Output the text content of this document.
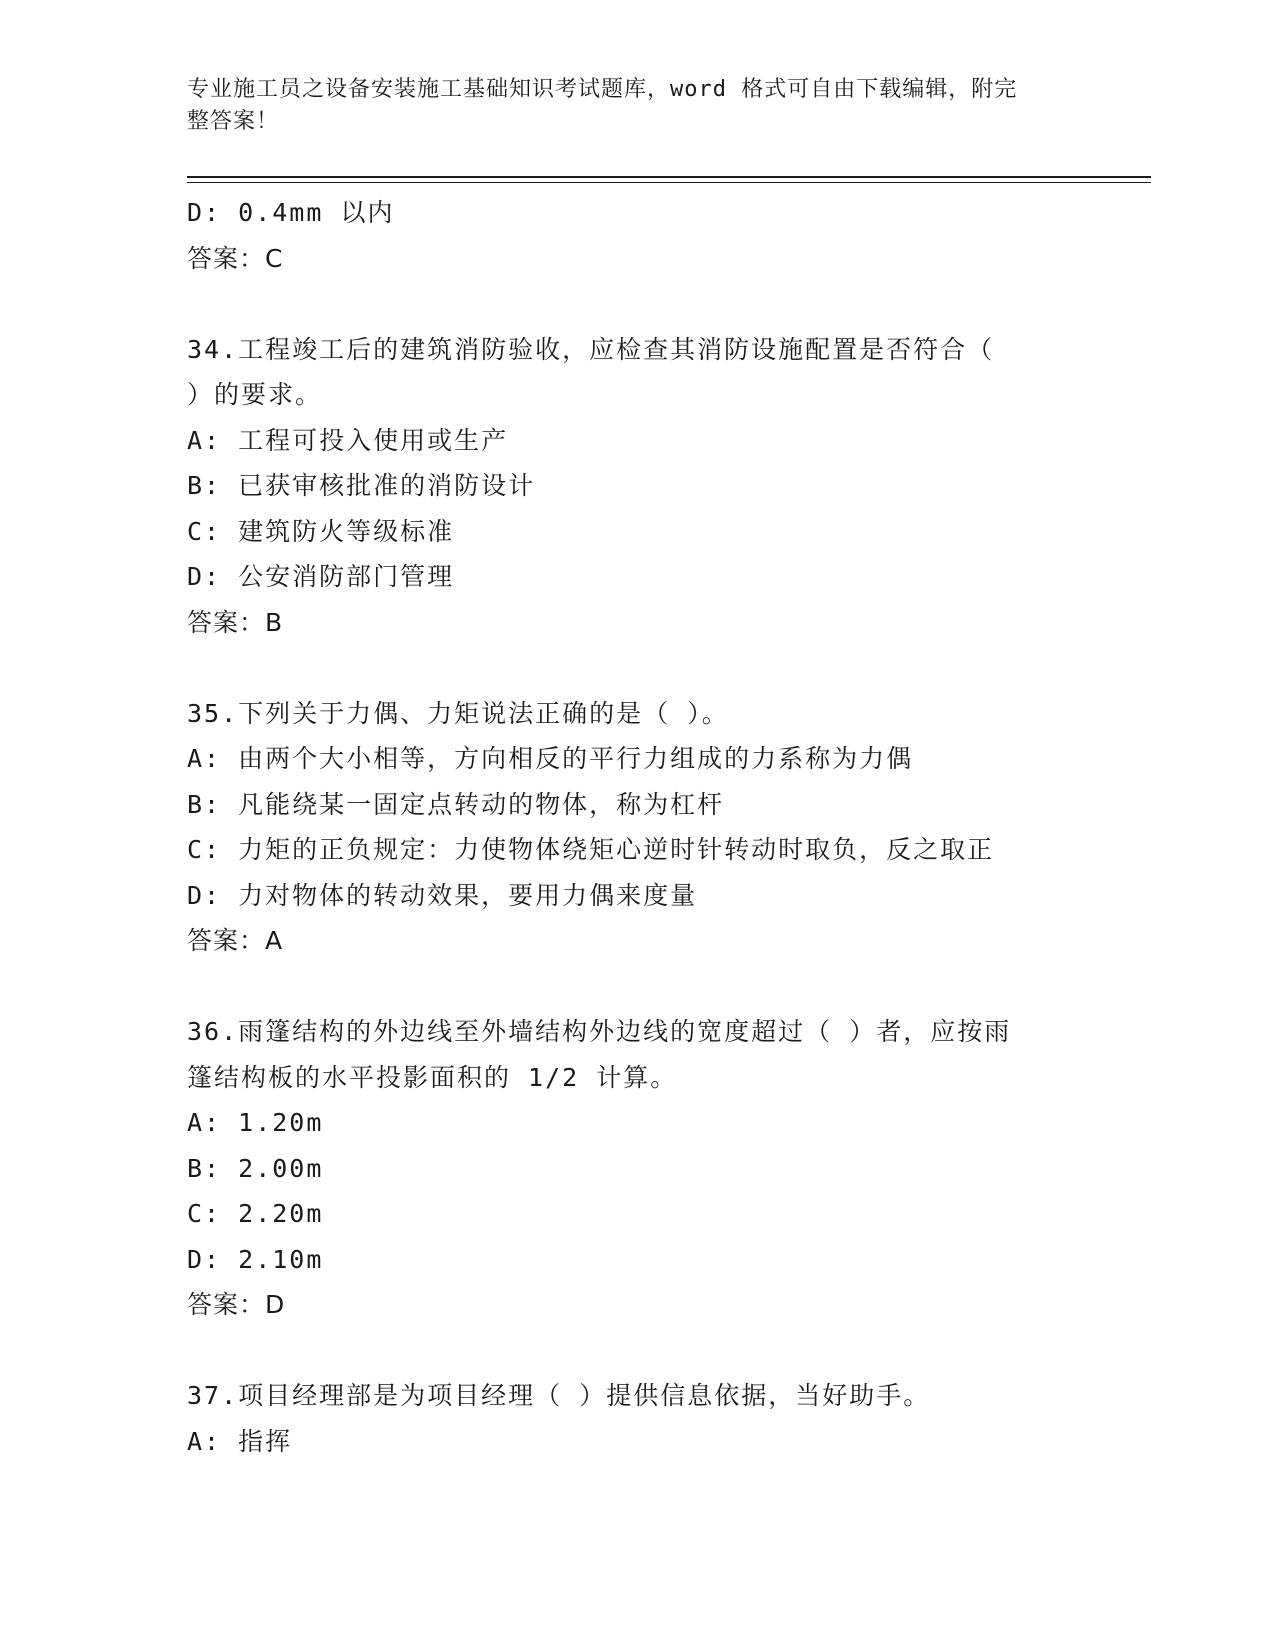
专业施工员之设备安装施工基础知识考试题库，word 格式可自由下载编辑，附完
整答案！
D: 0.4mm 以内
答案：C
34.工程竣工后的建筑消防验收，应检查其消防设施配置是否符合（
）的要求。
A: 工程可投入使用或生产
B: 已获审核批准的消防设计
C: 建筑防火等级标准
D: 公安消防部门管理
答案：B
35.下列关于力偶、力矩说法正确的是（ ）。
A: 由两个大小相等，方向相反的平行力组成的力系称为力偶
B: 凡能绕某一固定点转动的物体，称为杠杆
C: 力矩的正负规定：力使物体绕矩心逆时针转动时取负，反之取正
D: 力对物体的转动效果，要用力偶来度量
答案：A
36.雨篷结构的外边线至外墙结构外边线的宽度超过（ ）者，应按雨
篷结构板的水平投影面积的 1/2 计算。
A: 1.20m
B: 2.00m
C: 2.20m
D: 2.10m
答案：D
37.项目经理部是为项目经理（ ）提供信息依据，当好助手。
A: 指挥
